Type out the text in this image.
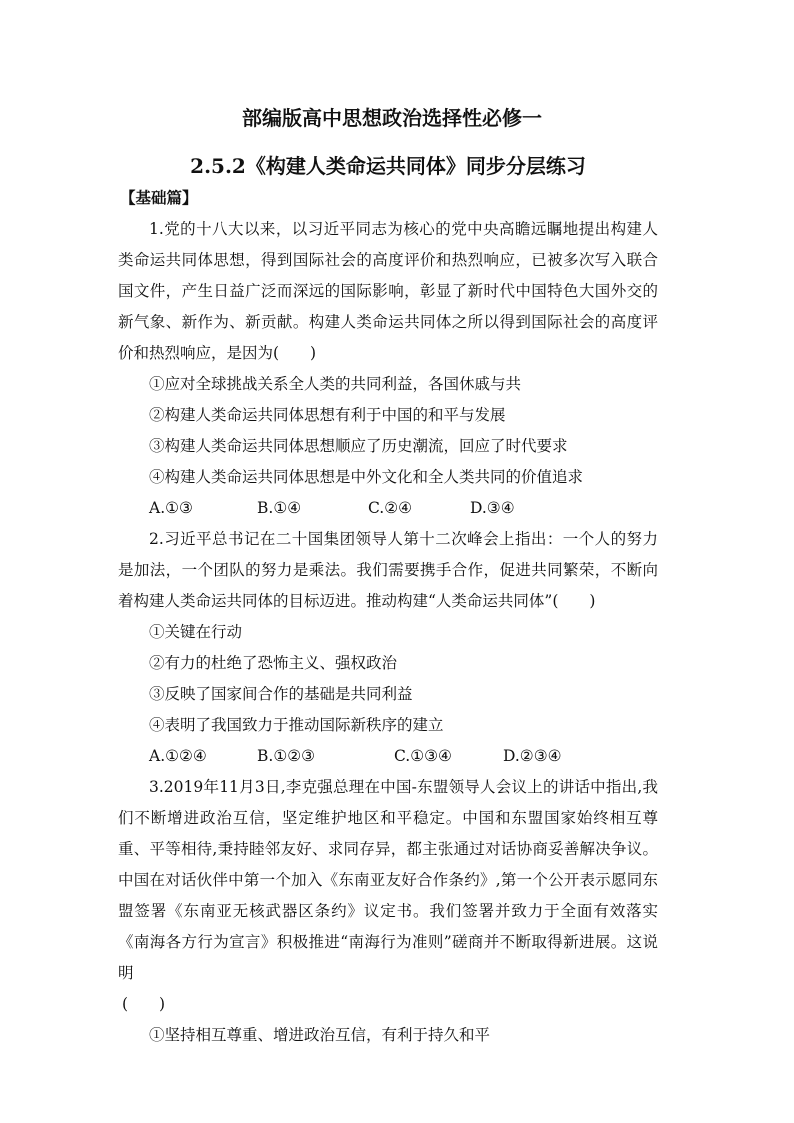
部编版高中思想政治选择性必修一
2.5.2《构建人类命运共同体》同步分层练习
【基础篇】

1.党的十八大以来，以习近平同志为核心的党中央高瞻远瞩地提出构建人类命运共同体思想，得到国际社会的高度评价和热烈响应，已被多次写入联合国文件，产生日益广泛而深远的国际影响，彰显了新时代中国特色大国外交的新气象、新作为、新贡献。构建人类命运共同体之所以得到国际社会的高度评价和热烈响应，是因为(　　)

①应对全球挑战关系全人类的共同利益，各国休戚与共

②构建人类命运共同体思想有利于中国的和平与发展

③构建人类命运共同体思想顺应了历史潮流，回应了时代要求

④构建人类命运共同体思想是中外文化和全人类共同的价值追求

A.①③	B.①④	C.②④	D.③④

2.习近平总书记在二十国集团领导人第十二次峰会上指出：一个人的努力是加法，一个团队的努力是乘法。我们需要携手合作，促进共同繁荣，不断向着构建人类命运共同体的目标迈进。推动构建“人类命运共同体”(　　)

①关键在行动

②有力的杜绝了恐怖主义、强权政治

③反映了国家间合作的基础是共同利益

④表明了我国致力于推动国际新秩序的建立

A.①②④	B.①②③	C.①③④	D.②③④

3.2019年11月3日,李克强总理在中国-东盟领导人会议上的讲话中指出,我们不断增进政治互信，坚定维护地区和平稳定。中国和东盟国家始终相互尊重、平等相待,秉持睦邻友好、求同存异，都主张通过对话协商妥善解决争议。中国在对话伙伴中第一个加入《东南亚友好合作条约》,第一个公开表示愿同东盟签署《东南亚无核武器区条约》议定书。我们签署并致力于全面有效落实《南海各方行为宣言》积极推进“南海行为准则”磋商并不断取得新进展。这说明

(　　)

①坚持相互尊重、增进政治互信，有利于持久和平
